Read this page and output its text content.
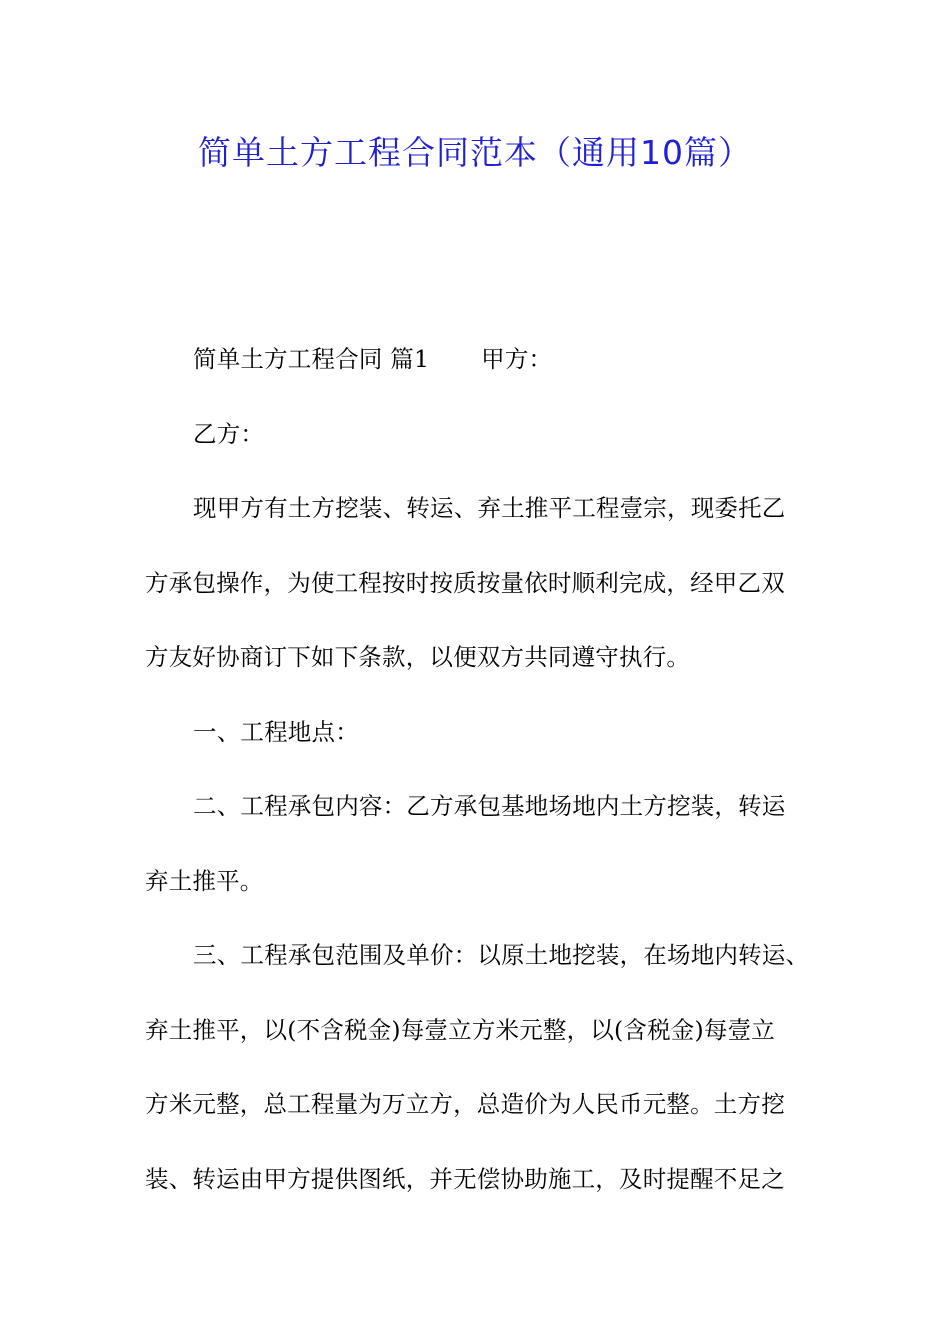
简单土方工程合同范本（通用10篇）
简单土方工程合同 篇1 甲方：
乙方：
现甲方有土方挖装、转运、弃土推平工程壹宗，现委托乙
方承包操作，为使工程按时按质按量依时顺利完成，经甲乙双
方友好协商订下如下条款，以便双方共同遵守执行。
一、工程地点：
二、工程承包内容：乙方承包基地场地内土方挖装，转运
弃土推平。
三、工程承包范围及单价：以原土地挖装，在场地内转运、
弃土推平，以(不含税金)每壹立方米元整，以(含税金)每壹立
方米元整，总工程量为万立方，总造价为人民币元整。土方挖
装、转运由甲方提供图纸，并无偿协助施工，及时提醒不足之
